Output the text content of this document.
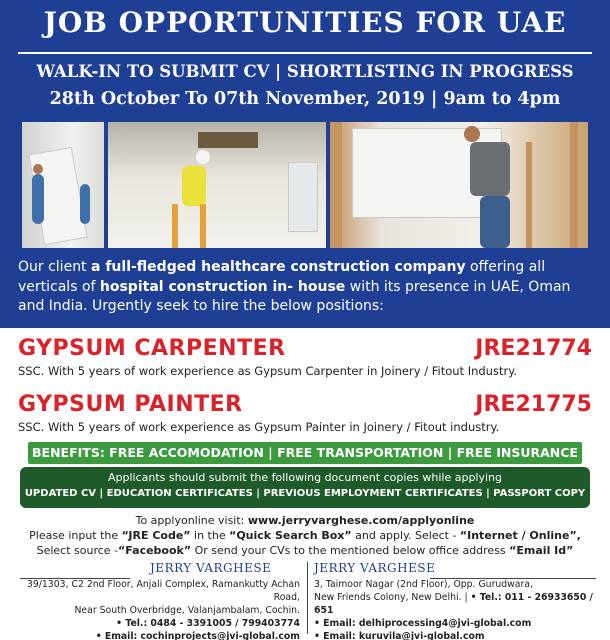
JOB OPPORTUNITIES FOR UAE
WALK-IN TO SUBMIT CV | SHORTLISTING IN PROGRESS
28th October To 07th November, 2019 | 9am to 4pm
Our client a full-fledged healthcare construction company offering all verticals of hospital construction in- house with its presence in UAE, Oman and India. Urgently seek to hire the below positions:
GYPSUM CARPENTER	JRE21774
SSC. With 5 years of work experience as Gypsum Carpenter in Joinery / Fitout Industry.
GYPSUM PAINTER	JRE21775
SSC. With 5 years of work experience as Gypsum Painter in Joinery / Fitout industry.
BENEFITS: FREE ACCOMODATION | FREE TRANSPORTATION | FREE INSURANCE
Applicants should submit the following document copies while applying
UPDATED CV | EDUCATION CERTIFICATES | PREVIOUS EMPLOYMENT CERTIFICATES | PASSPORT COPY
To applyonline visit: www.jerryvarghese.com/applyonline
Please input the “JRE Code” in the “Quick Search Box” and apply. Select - “Internet / Online”,
Select source -“Facebook” Or send your CVs to the mentioned below office address “Email Id”
JERRY VARGHESE
39/1303, C2 2nd Floor, Anjali Complex, Ramankutty Achan Road,
Near South Overbridge, Valanjambalam, Cochin.
• Tel.: 0484 - 3391005 / 799403774
• Email: cochinprojects@jvi-global.com
JERRY VARGHESE
3, Taimoor Nagar (2nd Floor), Opp. Gurudwara,
New Friends Colony, New Delhi. | • Tel.: 011 - 26933650 / 651
• Email: delhiprocessing4@jvi-global.com
• Email: kuruvila@jvi-global.com
